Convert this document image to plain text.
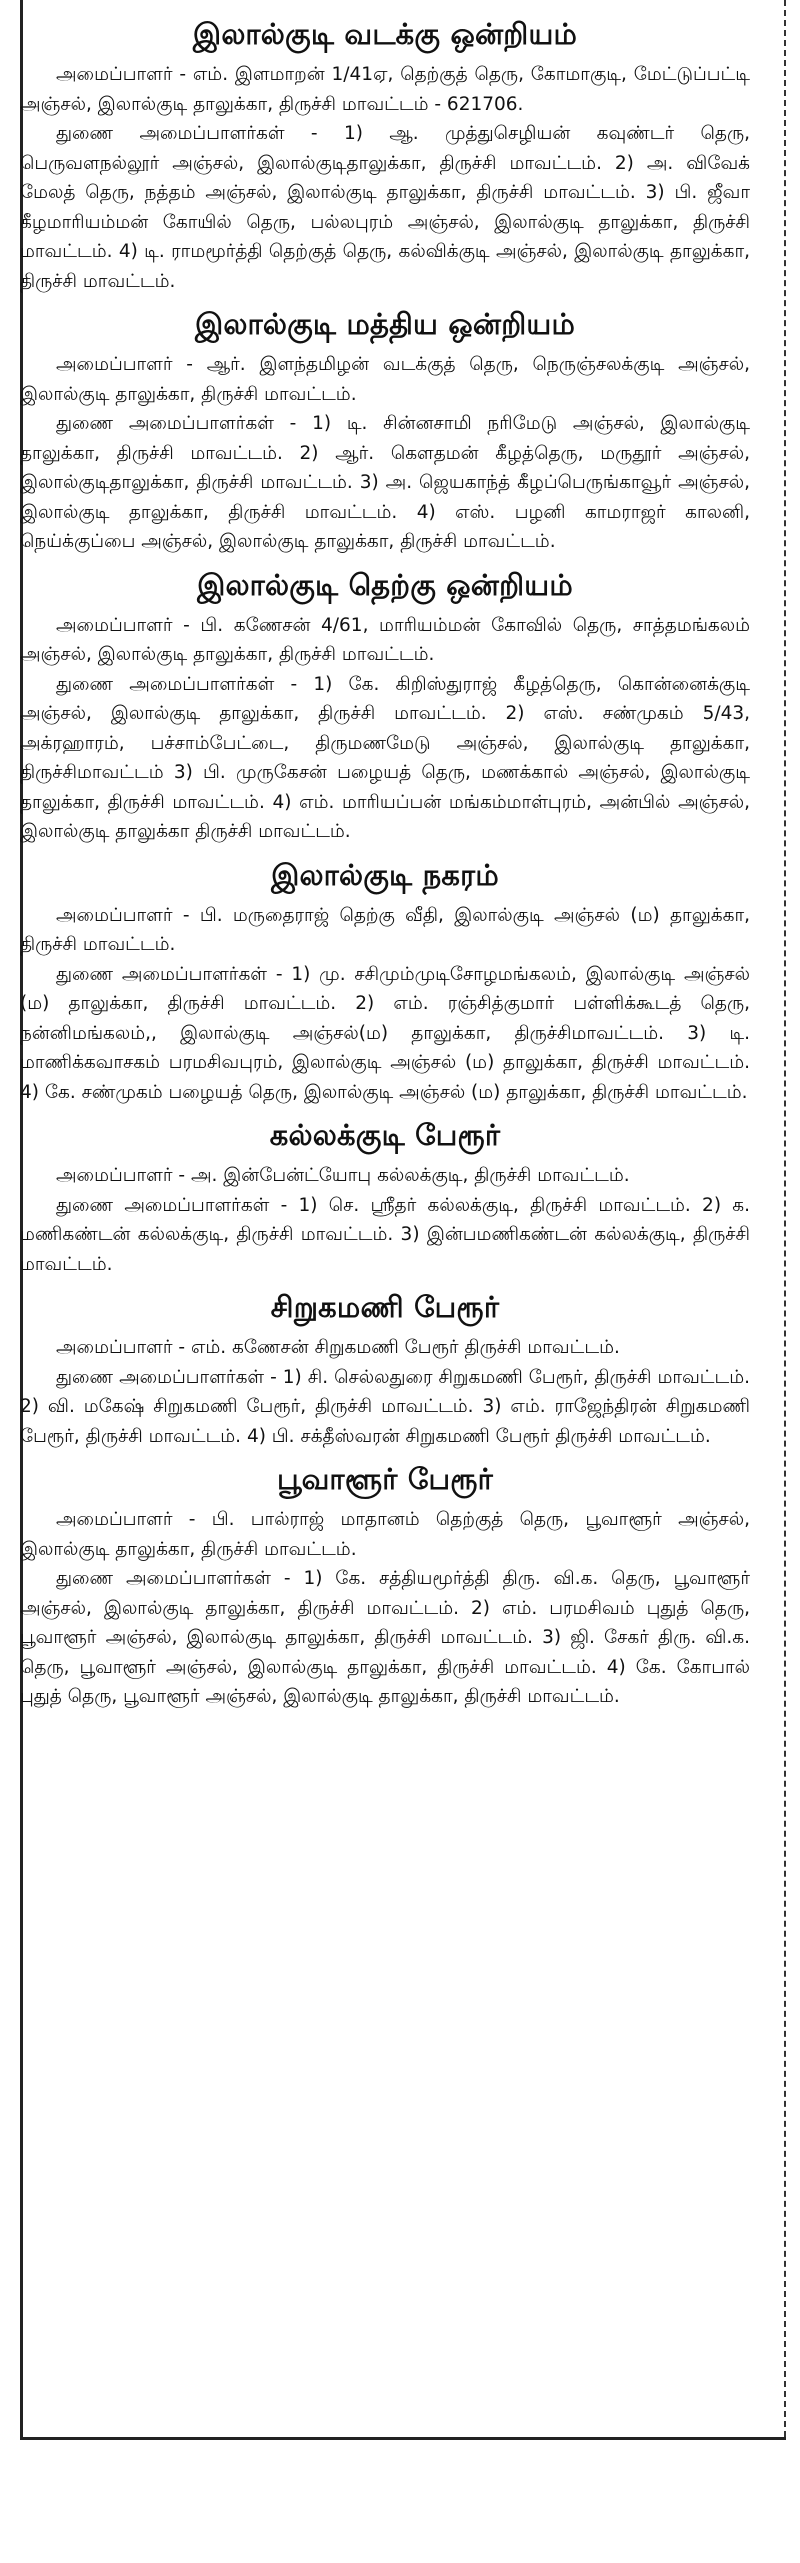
இலால்குடி வடக்கு ஒன்றியம்

அமைப்பாளர் - எம். இளமாறன் 1/41ஏ, தெற்குத் தெரு, கோமாகுடி, மேட்டுப்பட்டி அஞ்சல், இலால்குடி தாலுக்கா, திருச்சி மாவட்டம் - 621706.

துணை அமைப்பாளர்கள் - 1) ஆ. முத்துசெழியன் கவுண்டர் தெரு, பெருவளநல்லூர் அஞ்சல், இலால்குடிதாலுக்கா, திருச்சி மாவட்டம். 2) அ. விவேக் மேலத் தெரு, நத்தம் அஞ்சல், இலால்குடி தாலுக்கா, திருச்சி மாவட்டம். 3) பி. ஜீவா கீழமாரியம்மன் கோயில் தெரு, பல்லபுரம் அஞ்சல், இலால்குடி தாலுக்கா, திருச்சி மாவட்டம். 4) டி. ராமமூர்த்தி தெற்குத் தெரு, கல்விக்குடி அஞ்சல், இலால்குடி தாலுக்கா, திருச்சி மாவட்டம்.

இலால்குடி மத்திய ஒன்றியம்

அமைப்பாளர் - ஆர். இளந்தமிழன் வடக்குத் தெரு, நெருஞ்சலக்குடி அஞ்சல், இலால்குடி தாலுக்கா, திருச்சி மாவட்டம்.

துணை அமைப்பாளர்கள் - 1) டி. சின்னசாமி நரிமேடு அஞ்சல், இலால்குடி தாலுக்கா, திருச்சி மாவட்டம். 2) ஆர். கௌதமன் கீழத்தெரு, மருதூர் அஞ்சல், இலால்குடிதாலுக்கா, திருச்சி மாவட்டம். 3) அ. ஜெயகாந்த் கீழப்பெருங்காவூர் அஞ்சல், இலால்குடி தாலுக்கா, திருச்சி மாவட்டம். 4) எஸ். பழனி காமராஜர் காலனி, நெய்க்குப்பை அஞ்சல், இலால்குடி தாலுக்கா, திருச்சி மாவட்டம்.

இலால்குடி தெற்கு ஒன்றியம்

அமைப்பாளர் - பி. கணேசன் 4/61, மாரியம்மன் கோவில் தெரு, சாத்தமங்கலம் அஞ்சல், இலால்குடி தாலுக்கா, திருச்சி மாவட்டம்.

துணை அமைப்பாளர்கள் - 1) கே. கிறிஸ்துராஜ் கீழத்தெரு, கொன்னைக்குடி அஞ்சல், இலால்குடி தாலுக்கா, திருச்சி மாவட்டம். 2) எஸ். சண்முகம் 5/43, அக்ரஹாரம், பச்சாம்பேட்டை, திருமணமேடு அஞ்சல், இலால்குடி தாலுக்கா, திருச்சிமாவட்டம் 3) பி. முருகேசன் பழையத் தெரு, மணக்கால் அஞ்சல், இலால்குடி தாலுக்கா, திருச்சி மாவட்டம். 4) எம். மாரியப்பன் மங்கம்மாள்புரம், அன்பில் அஞ்சல், இலால்குடி தாலுக்கா திருச்சி மாவட்டம்.

இலால்குடி நகரம்

அமைப்பாளர் - பி. மருதைராஜ் தெற்கு வீதி, இலால்குடி அஞ்சல் (ம) தாலுக்கா, திருச்சி மாவட்டம்.

துணை அமைப்பாளர்கள் - 1) மு. சசிமும்முடிசோழமங்கலம், இலால்குடி அஞ்சல் (ம) தாலுக்கா, திருச்சி மாவட்டம். 2) எம். ரஞ்சித்குமார் பள்ளிக்கூடத் தெரு, நன்னிமங்கலம்,, இலால்குடி அஞ்சல்(ம) தாலுக்கா, திருச்சிமாவட்டம். 3) டி. மாணிக்கவாசகம் பரமசிவபுரம், இலால்குடி அஞ்சல் (ம) தாலுக்கா, திருச்சி மாவட்டம். 4) கே. சண்முகம் பழையத் தெரு, இலால்குடி அஞ்சல் (ம) தாலுக்கா, திருச்சி மாவட்டம்.

கல்லக்குடி பேரூர்

அமைப்பாளர் - அ. இன்பேன்ட்யோபு கல்லக்குடி, திருச்சி மாவட்டம்.

துணை அமைப்பாளர்கள் - 1) செ. ஸ்ரீதர் கல்லக்குடி, திருச்சி மாவட்டம். 2) க. மணிகண்டன் கல்லக்குடி, திருச்சி மாவட்டம். 3) இன்பமணிகண்டன் கல்லக்குடி, திருச்சி மாவட்டம்.

சிறுகமணி பேரூர்

அமைப்பாளர் - எம். கணேசன் சிறுகமணி பேரூர் திருச்சி மாவட்டம்.

துணை அமைப்பாளர்கள் - 1) சி. செல்லதுரை சிறுகமணி பேரூர், திருச்சி மாவட்டம். 2) வி. மகேஷ் சிறுகமணி பேரூர், திருச்சி மாவட்டம். 3) எம். ராஜேந்திரன் சிறுகமணி பேரூர், திருச்சி மாவட்டம். 4) பி. சக்தீஸ்வரன் சிறுகமணி பேரூர் திருச்சி மாவட்டம்.

பூவாளூர் பேரூர்

அமைப்பாளர் - பி. பால்ராஜ் மாதானம் தெற்குத் தெரு, பூவாளூர் அஞ்சல், இலால்குடி தாலுக்கா, திருச்சி மாவட்டம்.

துணை அமைப்பாளர்கள் - 1) கே. சத்தியமூர்த்தி திரு. வி.க. தெரு, பூவாளூர் அஞ்சல், இலால்குடி தாலுக்கா, திருச்சி மாவட்டம். 2) எம். பரமசிவம் புதுத் தெரு, பூவாளூர் அஞ்சல், இலால்குடி தாலுக்கா, திருச்சி மாவட்டம். 3) ஜி. சேகர் திரு. வி.க. தெரு, பூவாளூர் அஞ்சல், இலால்குடி தாலுக்கா, திருச்சி மாவட்டம். 4) கே. கோபால் புதுத் தெரு, பூவாளூர் அஞ்சல், இலால்குடி தாலுக்கா, திருச்சி மாவட்டம்.
